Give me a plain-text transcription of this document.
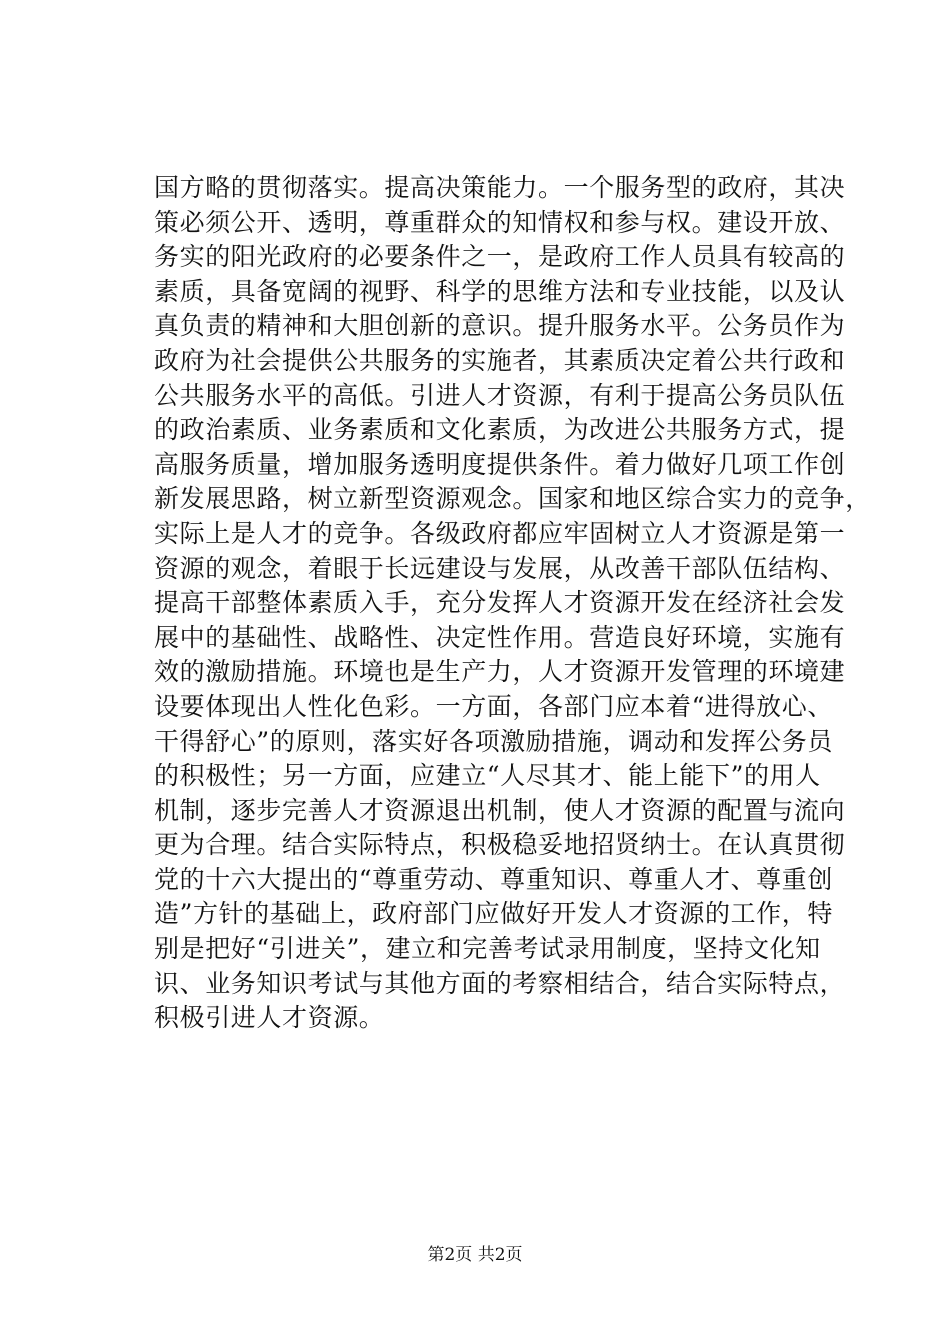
国方略的贯彻落实。提高决策能力。一个服务型的政府，其决
策必须公开、透明，尊重群众的知情权和参与权。建设开放、
务实的阳光政府的必要条件之一，是政府工作人员具有较高的
素质，具备宽阔的视野、科学的思维方法和专业技能，以及认
真负责的精神和大胆创新的意识。提升服务水平。公务员作为
政府为社会提供公共服务的实施者，其素质决定着公共行政和
公共服务水平的高低。引进人才资源，有利于提高公务员队伍
的政治素质、业务素质和文化素质，为改进公共服务方式，提
高服务质量，增加服务透明度提供条件。着力做好几项工作创
新发展思路，树立新型资源观念。国家和地区综合实力的竞争，
实际上是人才的竞争。各级政府都应牢固树立人才资源是第一
资源的观念，着眼于长远建设与发展，从改善干部队伍结构、
提高干部整体素质入手，充分发挥人才资源开发在经济社会发
展中的基础性、战略性、决定性作用。营造良好环境，实施有
效的激励措施。环境也是生产力，人才资源开发管理的环境建
设要体现出人性化色彩。一方面，各部门应本着“进得放心、
干得舒心”的原则，落实好各项激励措施，调动和发挥公务员
的积极性；另一方面，应建立“人尽其才、能上能下”的用人
机制，逐步完善人才资源退出机制，使人才资源的配置与流向
更为合理。结合实际特点，积极稳妥地招贤纳士。在认真贯彻
党的十六大提出的“尊重劳动、尊重知识、尊重人才、尊重创
造”方针的基础上，政府部门应做好开发人才资源的工作，特
别是把好“引进关”，建立和完善考试录用制度，坚持文化知
识、业务知识考试与其他方面的考察相结合，结合实际特点，
积极引进人才资源。
第2页 共2页
